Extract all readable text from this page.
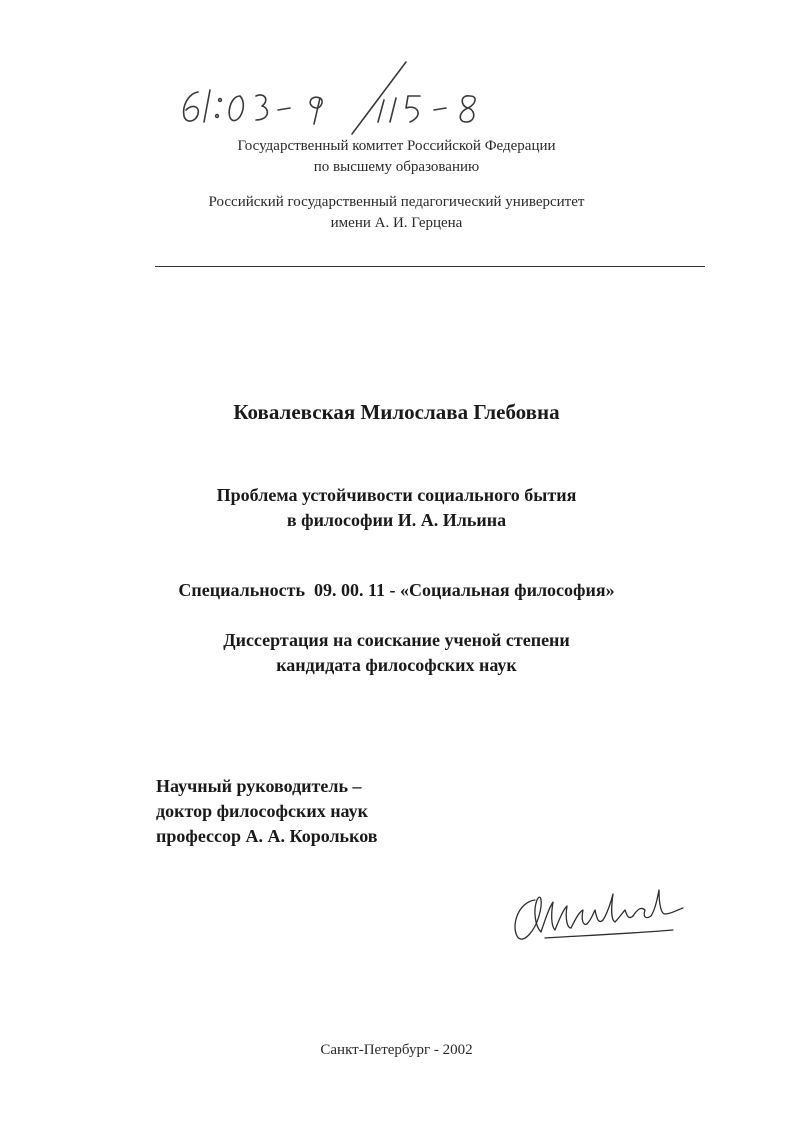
Государственный комитет Российской Федерации
по высшему образованию
Российский государственный педагогический университет
имени А. И. Герцена
Ковалевская Милослава Глебовна
Проблема устойчивости социального бытия
в философии И. А. Ильина
Специальность  09. 00. 11 - «Социальная философия»
Диссертация на соискание ученой степени
кандидата философских наук
Научный руководитель –
доктор философских наук
профессор А. А. Корольков
Санкт-Петербург - 2002
